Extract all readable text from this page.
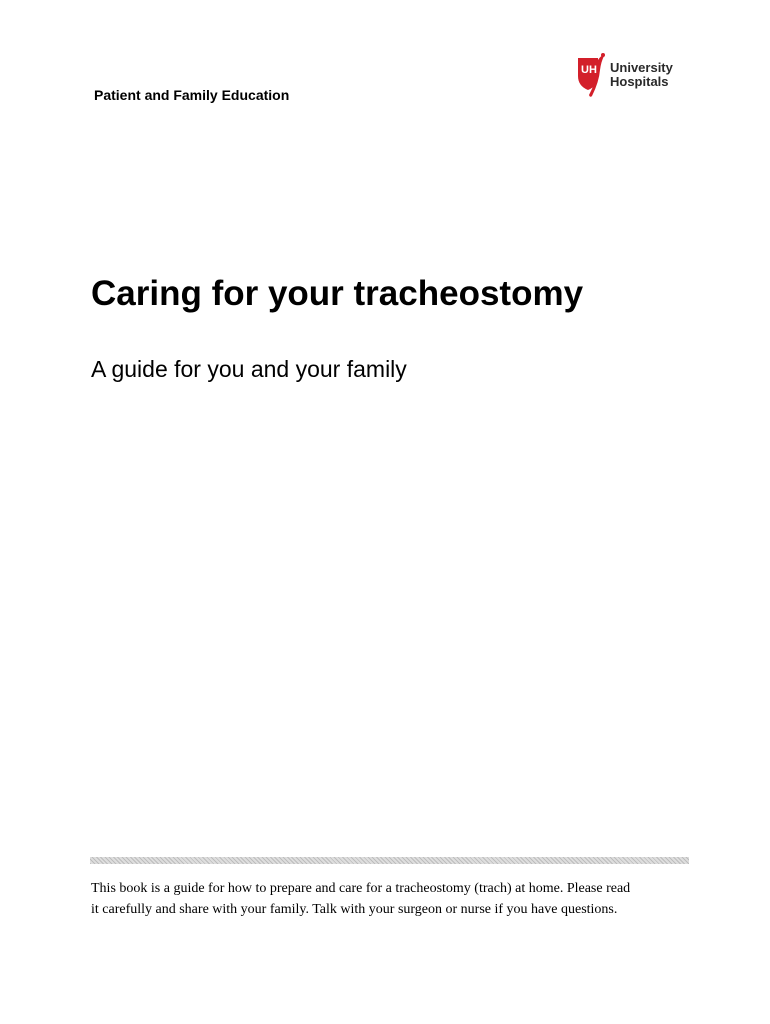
Patient and Family Education
UH University
Hospitals
Caring for your tracheostomy
A guide for you and your family

This book is a guide for how to prepare and care for a tracheostomy (trach) at home. Please read
it carefully and share with your family. Talk with your surgeon or nurse if you have questions.
